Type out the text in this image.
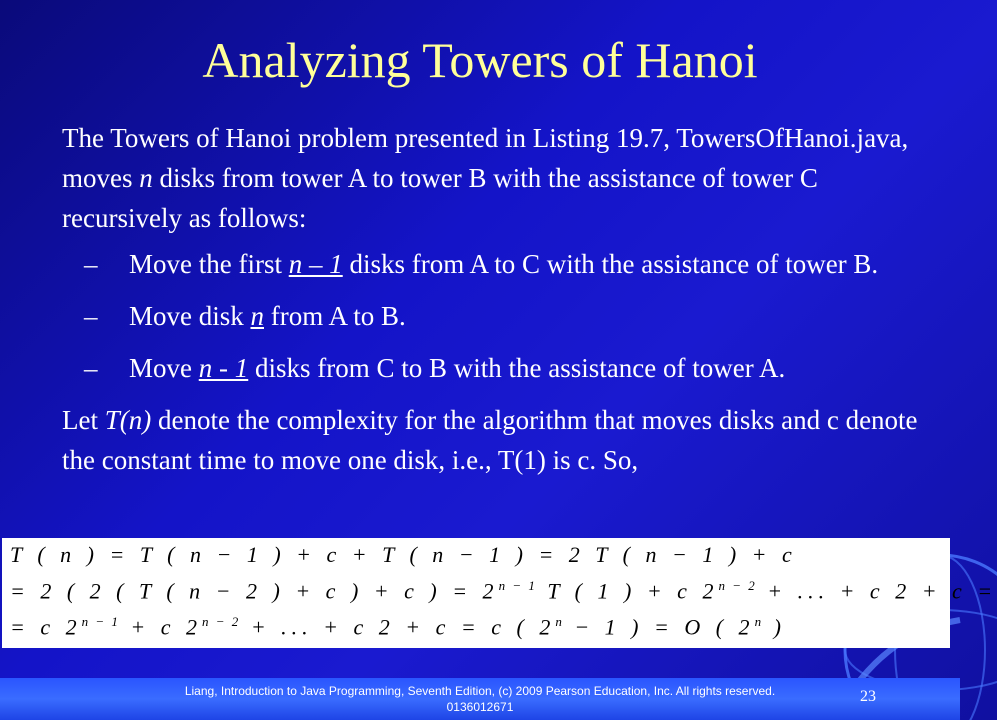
Analyzing Towers of Hanoi

The Towers of Hanoi problem presented in Listing 19.7, TowersOfHanoi.java, moves n disks from tower A to tower B with the assistance of tower C recursively as follows:

–	Move the first n – 1 disks from A to C with the assistance of tower B.
–	Move disk n from A to B.
–	Move n - 1 disks from C to B with the assistance of tower A.

Let T(n) denote the complexity for the algorithm that moves disks and c denote the constant time to move one disk, i.e., T(1) is c. So,

T ( n ) = T ( n − 1 ) + c + T ( n − 1 ) = 2 T ( n − 1 ) + c
= 2 ( 2 ( T ( n − 2 ) + c ) + c ) = $2^{n - 1}$ T ( 1 ) + c $2^{n - 2}$ + ... + c 2 + c =
= c $2^{n - 1} + c$ $2^{n - 2}$ + ... + c 2 + c = c ( $2^n - 1$ ) = O ( 2$^n$ )
Liang, Introduction to Java Programming, Seventh Edition, (c) 2009 Pearson Education, Inc. All rights reserved. 0136012671
23
